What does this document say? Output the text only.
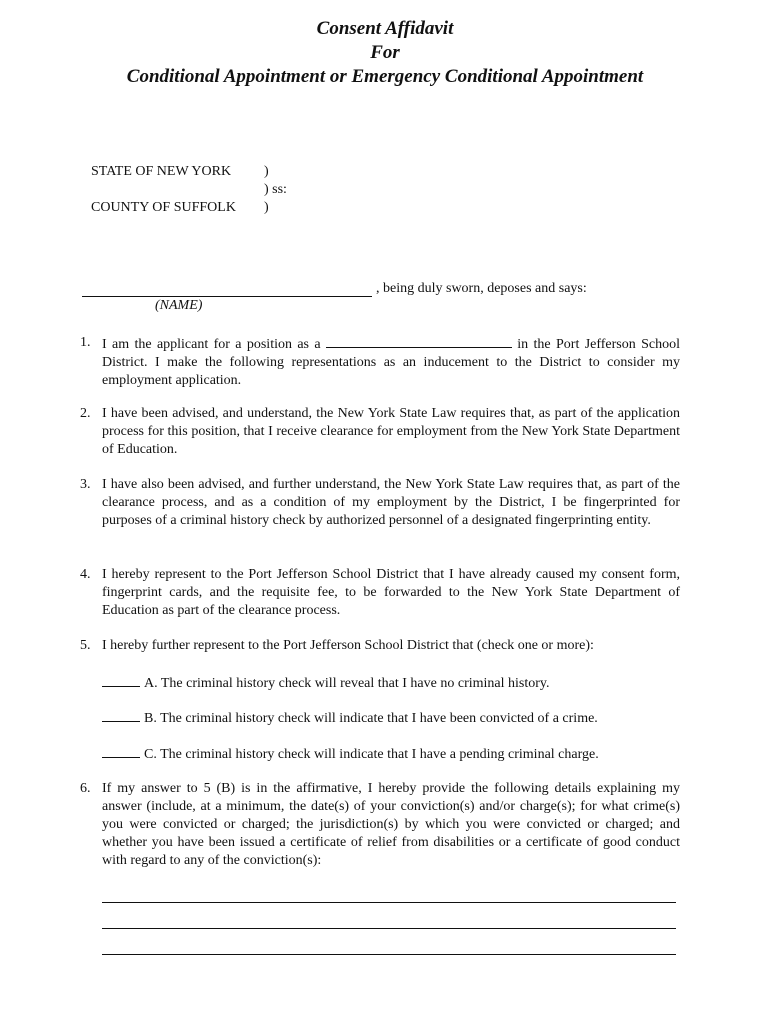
Consent Affidavit
For
Conditional Appointment or Emergency Conditional Appointment
STATE OF NEW YORK	)
) ss:
COUNTY OF SUFFOLK	)
, being duly sworn, deposes and says:
(NAME)
1. I am the applicant for a position as a	in the Port Jefferson School District. I make the following representations as an inducement to the District to consider my employment application.
2. I have been advised, and understand, the New York State Law requires that, as part of the application process for this position, that I receive clearance for employment from the New York State Department of Education.
3. I have also been advised, and further understand, the New York State Law requires that, as part of the clearance process, and as a condition of my employment by the District, I be fingerprinted for purposes of a criminal history check by authorized personnel of a designated fingerprinting entity.
4. I hereby represent to the Port Jefferson School District that I have already caused my consent form, fingerprint cards, and the requisite fee, to be forwarded to the New York State Department of Education as part of the clearance process.
5. I hereby further represent to the Port Jefferson School District that (check one or more):
A. The criminal history check will reveal that I have no criminal history.
B. The criminal history check will indicate that I have been convicted of a crime.
C. The criminal history check will indicate that I have a pending criminal charge.
6. If my answer to 5 (B) is in the affirmative, I hereby provide the following details explaining my answer (include, at a minimum, the date(s) of your conviction(s) and/or charge(s); for what crime(s) you were convicted or charged; the jurisdiction(s) by which you were convicted or charged; and whether you have been issued a certificate of relief from disabilities or a certificate of good conduct with regard to any of the conviction(s):
